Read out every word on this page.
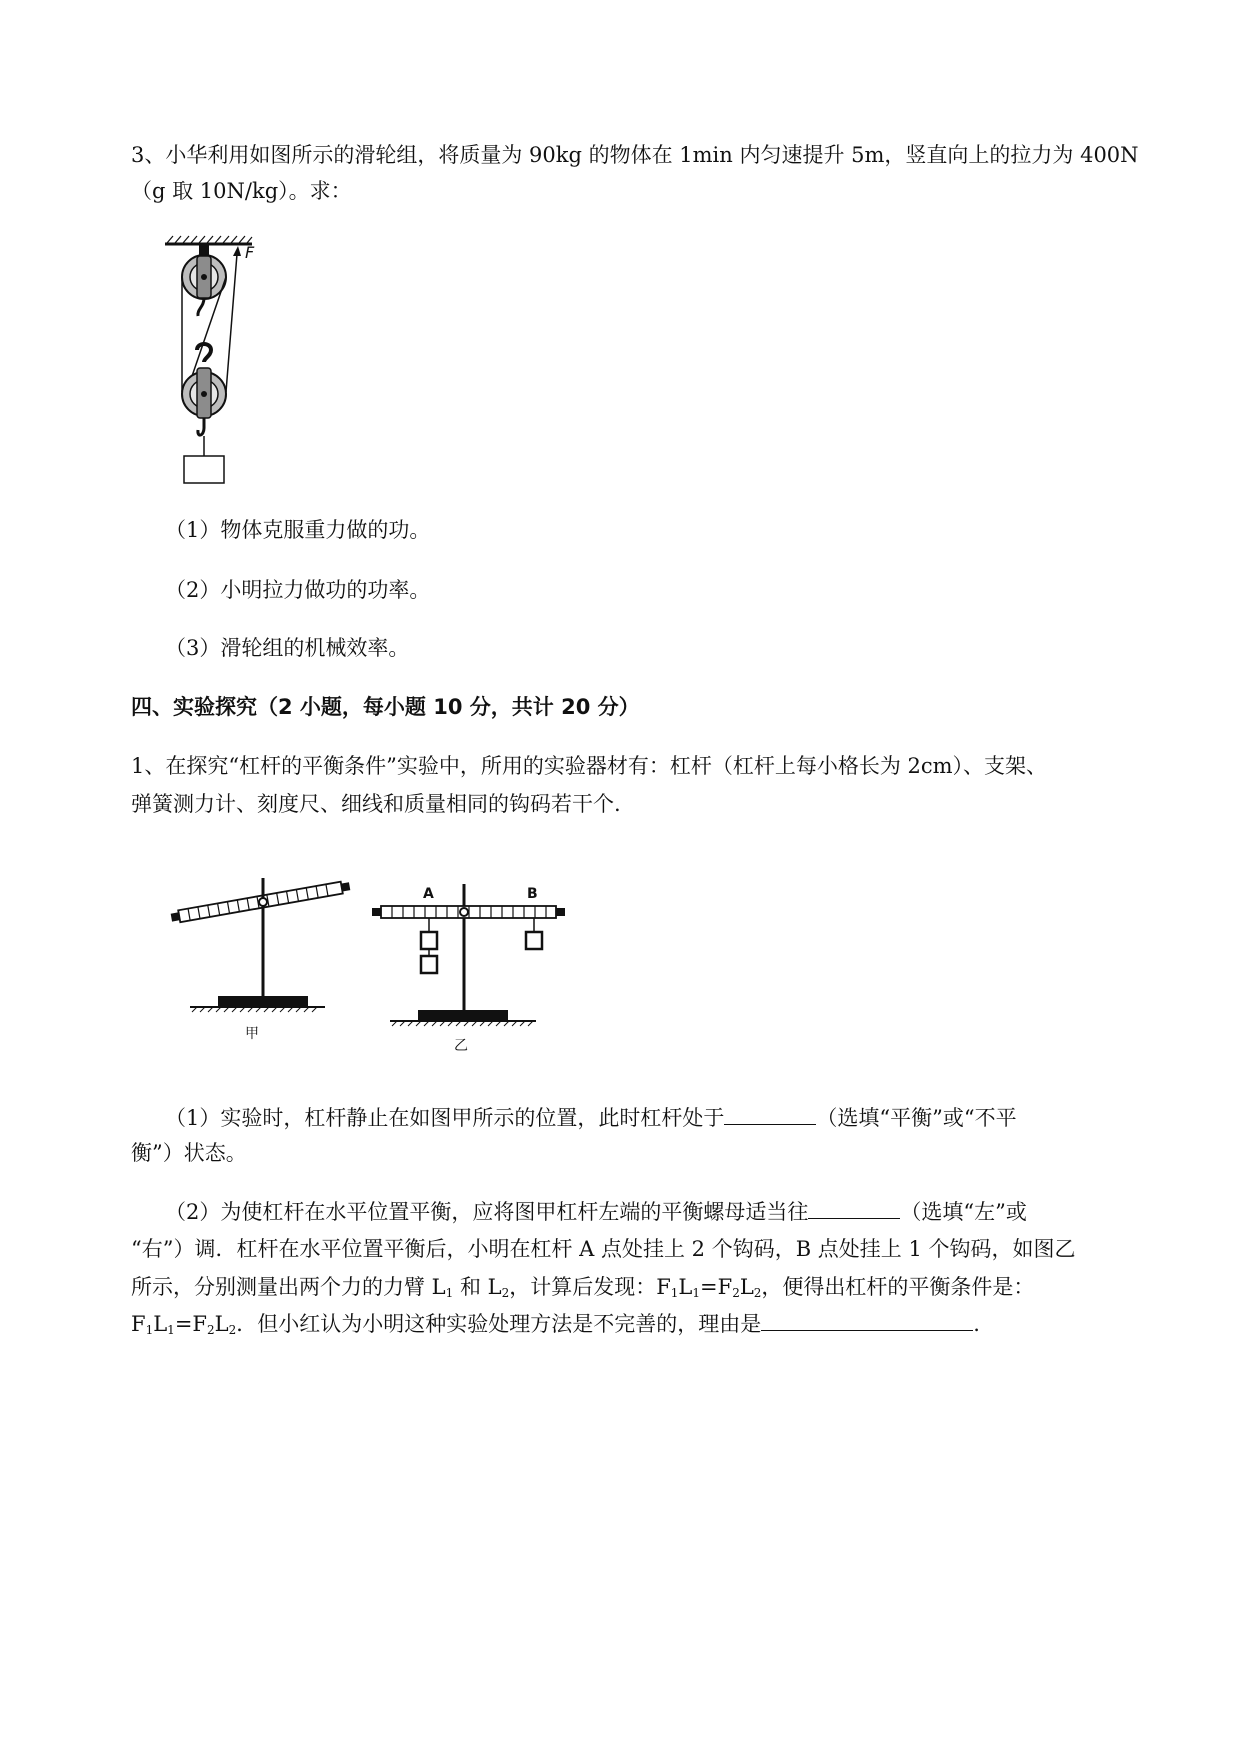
3、小华利用如图所示的滑轮组，将质量为 90kg 的物体在 1min 内匀速提升 5m，竖直向上的拉力为 400N
（g 取 10N/kg）。求：
F
（1）物体克服重力做的功。
（2）小明拉力做功的功率。
（3）滑轮组的机械效率。
四、实验探究（2 小题，每小题 10 分，共计 20 分）
1、在探究“杠杆的平衡条件”实验中，所用的实验器材有：杠杆（杠杆上每小格长为 2cm）、支架、
弹簧测力计、刻度尺、细线和质量相同的钩码若干个.
甲
A	B
乙
（1）实验时，杠杆静止在如图甲所示的位置，此时杠杆处于	（选填“平衡”或“不平
衡”）状态。
（2）为使杠杆在水平位置平衡，应将图甲杠杆左端的平衡螺母适当往	（选填“左”或
“右”）调．杠杆在水平位置平衡后，小明在杠杆 A 点处挂上 2 个钩码，B 点处挂上 1 个钩码，如图乙
所示，分别测量出两个力的力臂 $L_1$ 和 $L_2$，计算后发现：$F_1L_1=F_2L_2$，便得出杠杆的平衡条件是：
$F_1L_1=F_2L_2$．但小红认为小明这种实验处理方法是不完善的，理由是	.
